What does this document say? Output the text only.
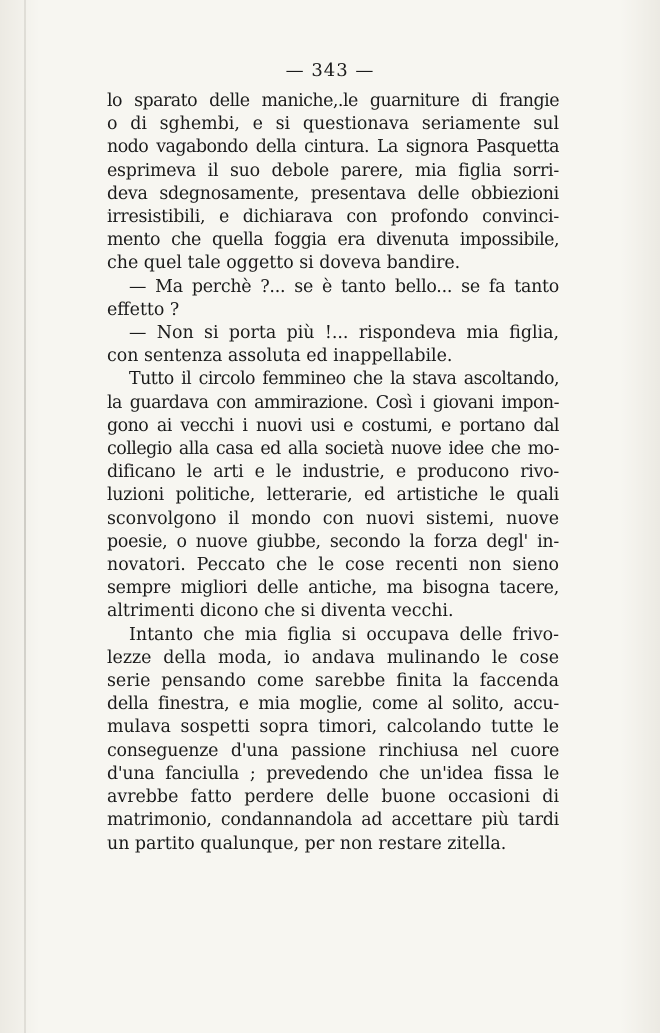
— 343 —
lo sparato delle maniche,.le guarniture di frangie
o di sghembi, e si questionava seriamente sul
nodo vagabondo della cintura. La signora Pasquetta
esprimeva il suo debole parere, mia figlia sorri-
deva sdegnosamente, presentava delle obbiezioni
irresistibili, e dichiarava con profondo convinci-
mento che quella foggia era divenuta impossibile,
che quel tale oggetto si doveva bandire.
— Ma perchè ?... se è tanto bello... se fa tanto
effetto ?
— Non si porta più !... rispondeva mia figlia,
con sentenza assoluta ed inappellabile.
Tutto il circolo femmineo che la stava ascoltando,
la guardava con ammirazione. Così i giovani impon-
gono ai vecchi i nuovi usi e costumi, e portano dal
collegio alla casa ed alla società nuove idee che mo-
dificano le arti e le industrie, e producono rivo-
luzioni politiche, letterarie, ed artistiche le quali
sconvolgono il mondo con nuovi sistemi, nuove
poesie, o nuove giubbe, secondo la forza degl' in-
novatori. Peccato che le cose recenti non sieno
sempre migliori delle antiche, ma bisogna tacere,
altrimenti dicono che si diventa vecchi.
Intanto che mia figlia si occupava delle frivo-
lezze della moda, io andava mulinando le cose
serie pensando come sarebbe finita la faccenda
della finestra, e mia moglie, come al solito, accu-
mulava sospetti sopra timori, calcolando tutte le
conseguenze d'una passione rinchiusa nel cuore
d'una fanciulla ; prevedendo che un'idea fissa le
avrebbe fatto perdere delle buone occasioni di
matrimonio, condannandola ad accettare più tardi
un partito qualunque, per non restare zitella.
